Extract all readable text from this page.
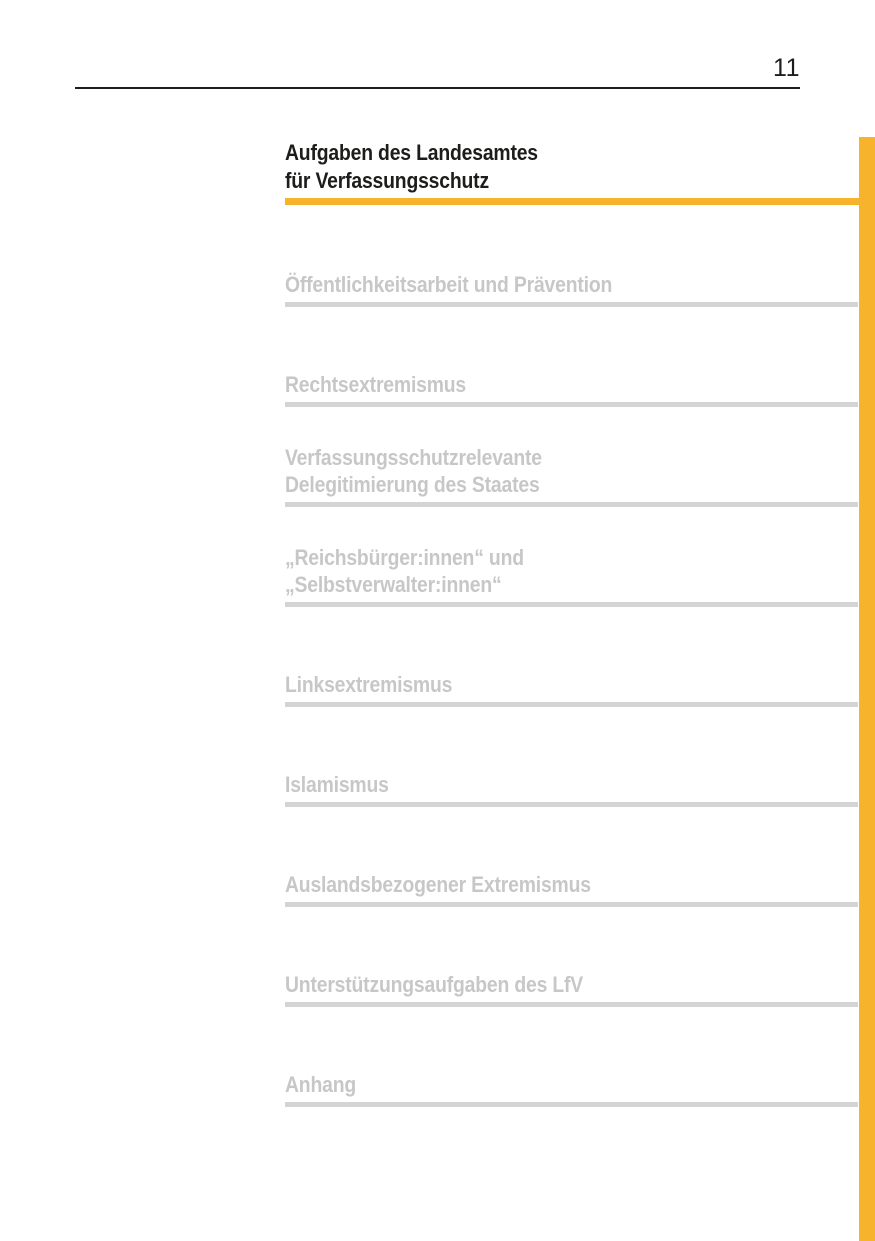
11
Aufgaben des Landesamtes
für Verfassungsschutz
Öffentlichkeitsarbeit und Prävention
Rechtsextremismus
Verfassungsschutzrelevante
Delegitimierung des Staates
„Reichsbürger:innen“ und
„Selbstverwalter:innen“
Linksextremismus
Islamismus
Auslandsbezogener Extremismus
Unterstützungsaufgaben des LfV
Anhang
